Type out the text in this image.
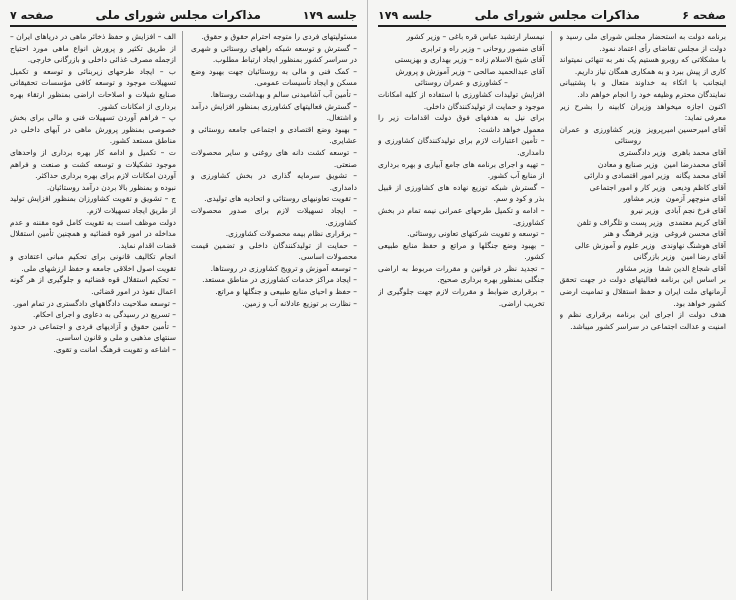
جلسه ۱۷۹
مذاکرات مجلس شورای ملی
صفحه ۷

مسئولیتهای فردی را متوجه احترام حقوق و حقوق.

– گسترش و توسعه شبکه راههای روستائی و شهری در سراسر کشور بمنظور ایجاد ارتباط مطلوب.

– کمک فنی و مالی به روستائیان جهت بهبود وضع مسکن و ایجاد تأسیسات عمومی.

– تأمین آب آشامیدنی سالم و بهداشت روستاها.

– گسترش فعالیتهای کشاورزی بمنظور افزایش درآمد و اشتغال.

– بهبود وضع اقتصادی و اجتماعی جامعه روستائی و عشایری.

– توسعه کشت دانه های روغنی و سایر محصولات صنعتی.

– تشویق سرمایه گذاری در بخش کشاورزی و دامداری.

– تقویت تعاونیهای روستائی و اتحادیه های تولیدی.

– ایجاد تسهیلات لازم برای صدور محصولات کشاورزی.

– برقراری نظام بیمه محصولات کشاورزی.

– حمایت از تولیدکنندگان داخلی و تضمین قیمت محصولات اساسی.

– توسعه آموزش و ترویج کشاورزی در روستاها.

– ایجاد مراکز خدمات کشاورزی در مناطق مستعد.

– حفظ و احیای منابع طبیعی و جنگلها و مراتع.

– نظارت بر توزیع عادلانه آب و زمین.

الف – افزایش و حفظ ذخائر ماهی در دریاهای ایران – از طریق تکثیر و پرورش انواع ماهی مورد احتیاج ازجمله مصرف غذائی داخلی و بازرگانی خارجی.

ب – ایجاد طرحهای زیربنائی و توسعه و تکمیل تسهیلات موجود و توسعه کافی مؤسسات تحقیقاتی صنایع شیلات و اصلاحات اراضی بمنظور ارتقاء بهره برداری از امکانات کشور.

پ – فراهم آوردن تسهیلات فنی و مالی برای بخش خصوصی بمنظور پرورش ماهی در آبهای داخلی در مناطق مستعد کشور.

ت – تکمیل و ادامه کار بهره برداری از واحدهای موجود تشکیلات و توسعه کشت و صنعت و فراهم آوردن امکانات لازم برای بهره برداری حداکثر.

نبوده و بمنظور بالا بردن درآمد روستائیان.

ج – تشویق و تقویت کشاورزان بمنظور افزایش تولید از طریق ایجاد تسهیلات لازم.

دولت موظف است به تقویت کامل قوه مقننه و عدم مداخله در امور قوه قضائیه و همچنین تأمین استقلال قضات اقدام نماید.

انجام تکالیف قانونی برای تحکیم مبانی اعتقادی و تقویت اصول اخلاقی جامعه و حفظ ارزشهای ملی.

– تحکیم استقلال قوه قضائیه و جلوگیری از هر گونه اعمال نفوذ در امور قضائی.

– توسعه صلاحیت دادگاههای دادگستری در تمام امور.

– تسریع در رسیدگی به دعاوی و اجرای احکام.

– تأمین حقوق و آزادیهای فردی و اجتماعی در حدود سنتهای مذهبی و ملی و قانون اساسی.

– اشاعه و تقویت فرهنگ امانت و تقوی.

صفحه ۶
مذاکرات مجلس شورای ملی
جلسه ۱۷۹

برنامه دولت به استحضار مجلس شورای ملی رسید و دولت از مجلس تقاضای رأی اعتماد نمود.

با مشکلاتی که روبرو هستیم یک نفر به تنهائی نمیتواند کاری از پیش ببرد و به همکاری همگان نیاز داریم.

اینجانب با اتکاء به خداوند متعال و با پشتیبانی نمایندگان محترم وظیفه خود را انجام خواهم داد.

اکنون اجازه میخواهد وزیران کابینه را بشرح زیر معرفی نماید:

آقای امیرحسین امیرپرویز
وزیر کشاورزی و عمران روستائی
آقای محمد باهری
وزیر دادگستری
آقای محمدرضا امین
وزیر صنایع و معادن
آقای محمد یگانه
وزیر امور اقتصادی و دارائی
آقای کاظم ودیعی
وزیر کار و امور اجتماعی
آقای منوچهر آزمون
وزیر مشاور
آقای فرخ نجم آبادی
وزیر نیرو
آقای کریم معتمدی
وزیر پست و تلگراف و تلفن
آقای محسن فروغی
وزیر فرهنگ و هنر
آقای هوشنگ نهاوندی
وزیر علوم و آموزش عالی
آقای رضا امین
وزیر بازرگانی
آقای شجاع الدین شفا
وزیر مشاور

بر اساس این برنامه فعالیتهای دولت در جهت تحقق آرمانهای ملت ایران و حفظ استقلال و تمامیت ارضی کشور خواهد بود.

هدف دولت از اجرای این برنامه برقراری نظم و امنیت و عدالت اجتماعی در سراسر کشور میباشد.

نیمسار ارتشبد عباس قره باغی – وزیر کشور

آقای منصور روحانی – وزیر راه و ترابری

آقای شیخ الاسلام زاده – وزیر بهداری و بهزیستی

آقای عبدالحمید صالحی – وزیر آموزش و پرورش

– کشاورزی و عمران روستائی

افزایش تولیدات کشاورزی با استفاده از کلیه امکانات موجود و حمایت از تولیدکنندگان داخلی.

برای نیل به هدفهای فوق دولت اقدامات زیر را معمول خواهد داشت:

– تأمین اعتبارات لازم برای تولیدکنندگان کشاورزی و دامداری.

– تهیه و اجرای برنامه های جامع آبیاری و بهره برداری از منابع آب کشور.

– گسترش شبکه توزیع نهاده های کشاورزی از قبیل بذر و کود و سم.

– ادامه و تکمیل طرحهای عمرانی نیمه تمام در بخش کشاورزی.

– توسعه و تقویت شرکتهای تعاونی روستائی.

– بهبود وضع جنگلها و مراتع و حفظ منابع طبیعی کشور.

– تجدید نظر در قوانین و مقررات مربوط به اراضی جنگلی بمنظور بهره برداری صحیح.

– برقراری ضوابط و مقررات لازم جهت جلوگیری از تخریب اراضی.
